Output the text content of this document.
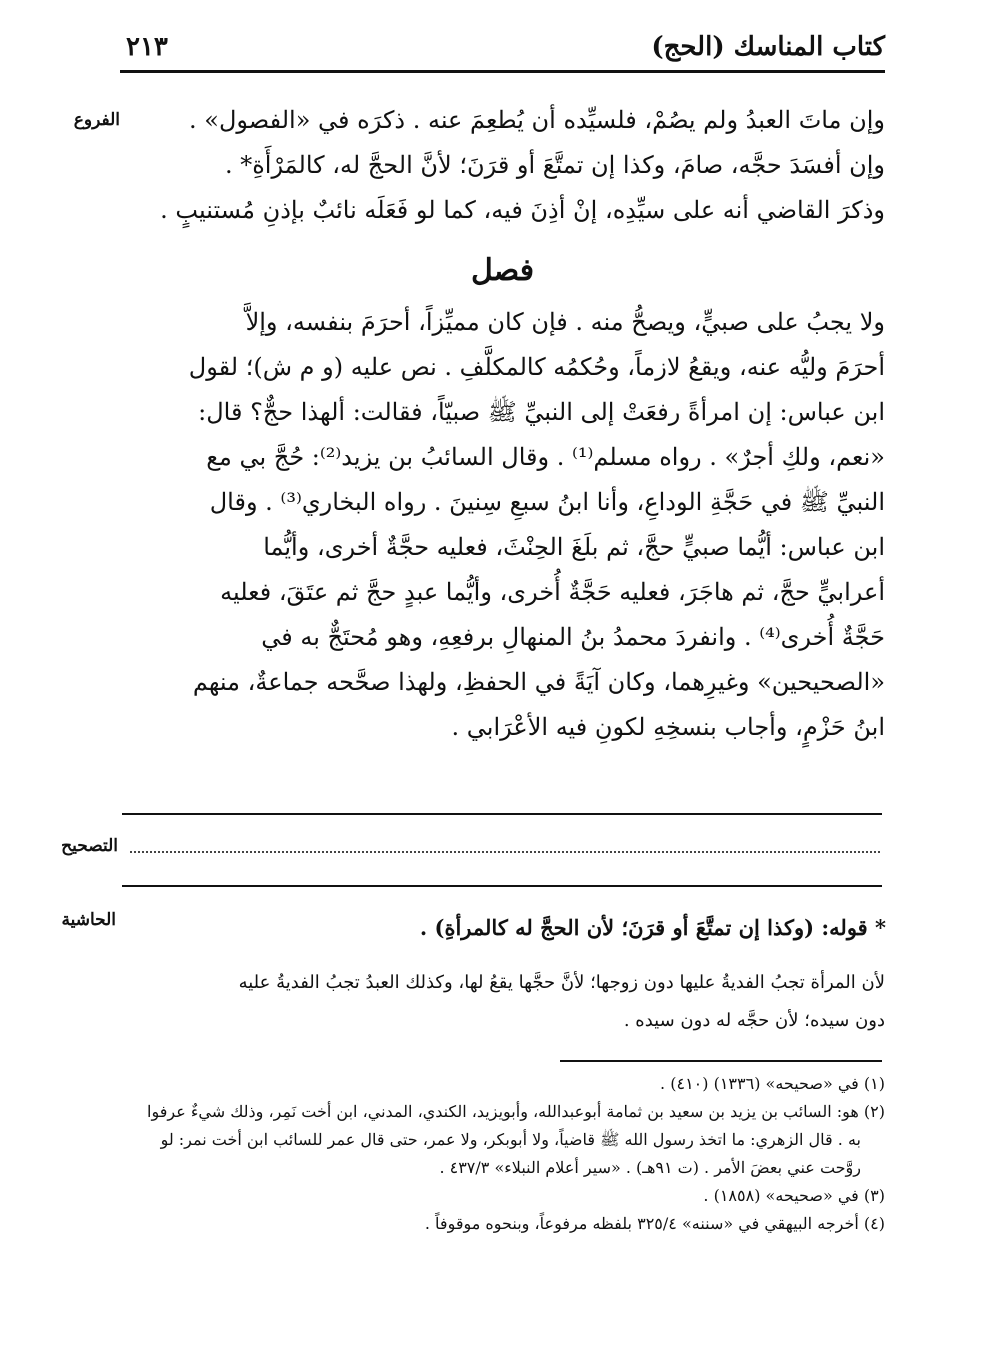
كتاب المناسك (الحج)
٢١٣
الفروع	وإن ماتَ العبدُ ولم يصُمْ، فلسيِّده أن يُطعِمَ عنه . ذكرَه في «الفصول» .

وإن أفسَدَ حجَّه، صامَ، وكذا إن تمتَّعَ أو قرَنَ؛ لأنَّ الحجَّ له، كالمَرْأَةِ* .

وذكرَ القاضي أنه على سيِّدِه، إنْ أذِنَ فيه، كما لو فَعَلَه نائبٌ بإذنِ مُستنيبٍ .

فصل

ولا يجبُ على صبيٍّ، ويصحُّ منه . فإن كان مميِّزاً، أحرَمَ بنفسه، وإلاَّ

أحرَمَ وليُّه عنه، ويقعُ لازماً، وحُكمُه كالمكلَّفِ . نص عليه (و م ش)؛ لقول

ابن عباس: إن امرأةً رفعَتْ إلى النبيِّ ﷺ صبيّاً، فقالت: ألهذا حجٌّ؟ قال:

«نعم، ولكِ أجرٌ» . رواه مسلم⁽¹⁾ . وقال السائبُ بن يزيد⁽²⁾: حُجَّ بي مع

النبيِّ ﷺ في حَجَّةِ الوداعِ، وأنا ابنُ سبعِ سِنينَ . رواه البخاري⁽³⁾ . وقال

ابن عباس: أيُّما صبيٍّ حجَّ، ثم بلَغَ الحِنْثَ، فعليه حجَّةٌ أخرى، وأيُّما

أعرابيٍّ حجَّ، ثم هاجَرَ، فعليه حَجَّةٌ أُخرى، وأيُّما عبدٍ حجَّ ثم عتَقَ، فعليه

حَجَّةٌ أُخرى⁽⁴⁾ . وانفردَ محمدُ بنُ المنهالِ برفعِهِ، وهو مُحتَجٌّ به في

«الصحيحين» وغيرِهما، وكان آيَةً في الحفظِ، ولهذا صحَّحه جماعةٌ، منهم

ابنُ حَزْمٍ، وأجاب بنسخِهِ لكونِ فيه الأعْرَابي .

التصحيح
الحاشية	* قوله: (وكذا إن تمتَّعَ أو قرَنَ؛ لأن الحجَّ له كالمرأةِ) .

لأن المرأة تجبُ الفديةُ عليها دون زوجها؛ لأنَّ حجَّها يقعُ لها، وكذلك العبدُ تجبُ الفديةُ عليه

دون سيده؛ لأن حجَّه له دون سيده .

(١) في «صحيحه» (١٣٣٦) (٤١٠) .

(٢) هو: السائب بن يزيد بن سعيد بن ثمامة أبوعبدالله، وأبويزيد، الكندي، المدني، ابن أخت نَمِر، وذلك شيءٌ عرفوا

به . قال الزهري: ما اتخذ رسول الله ﷺ قاضياً، ولا أبوبكر، ولا عمر، حتى قال عمر للسائب ابن أخت نمر: لو

روَّحت عني بعضَ الأمر . (ت ٩١هـ) . «سير أعلام النبلاء» ٤٣٧/٣ .

(٣) في «صحيحه» (١٨٥٨) .

(٤) أخرجه البيهقي في «سننه» ٣٢٥/٤ بلفظه مرفوعاً، وبنحوه موقوفاً .
